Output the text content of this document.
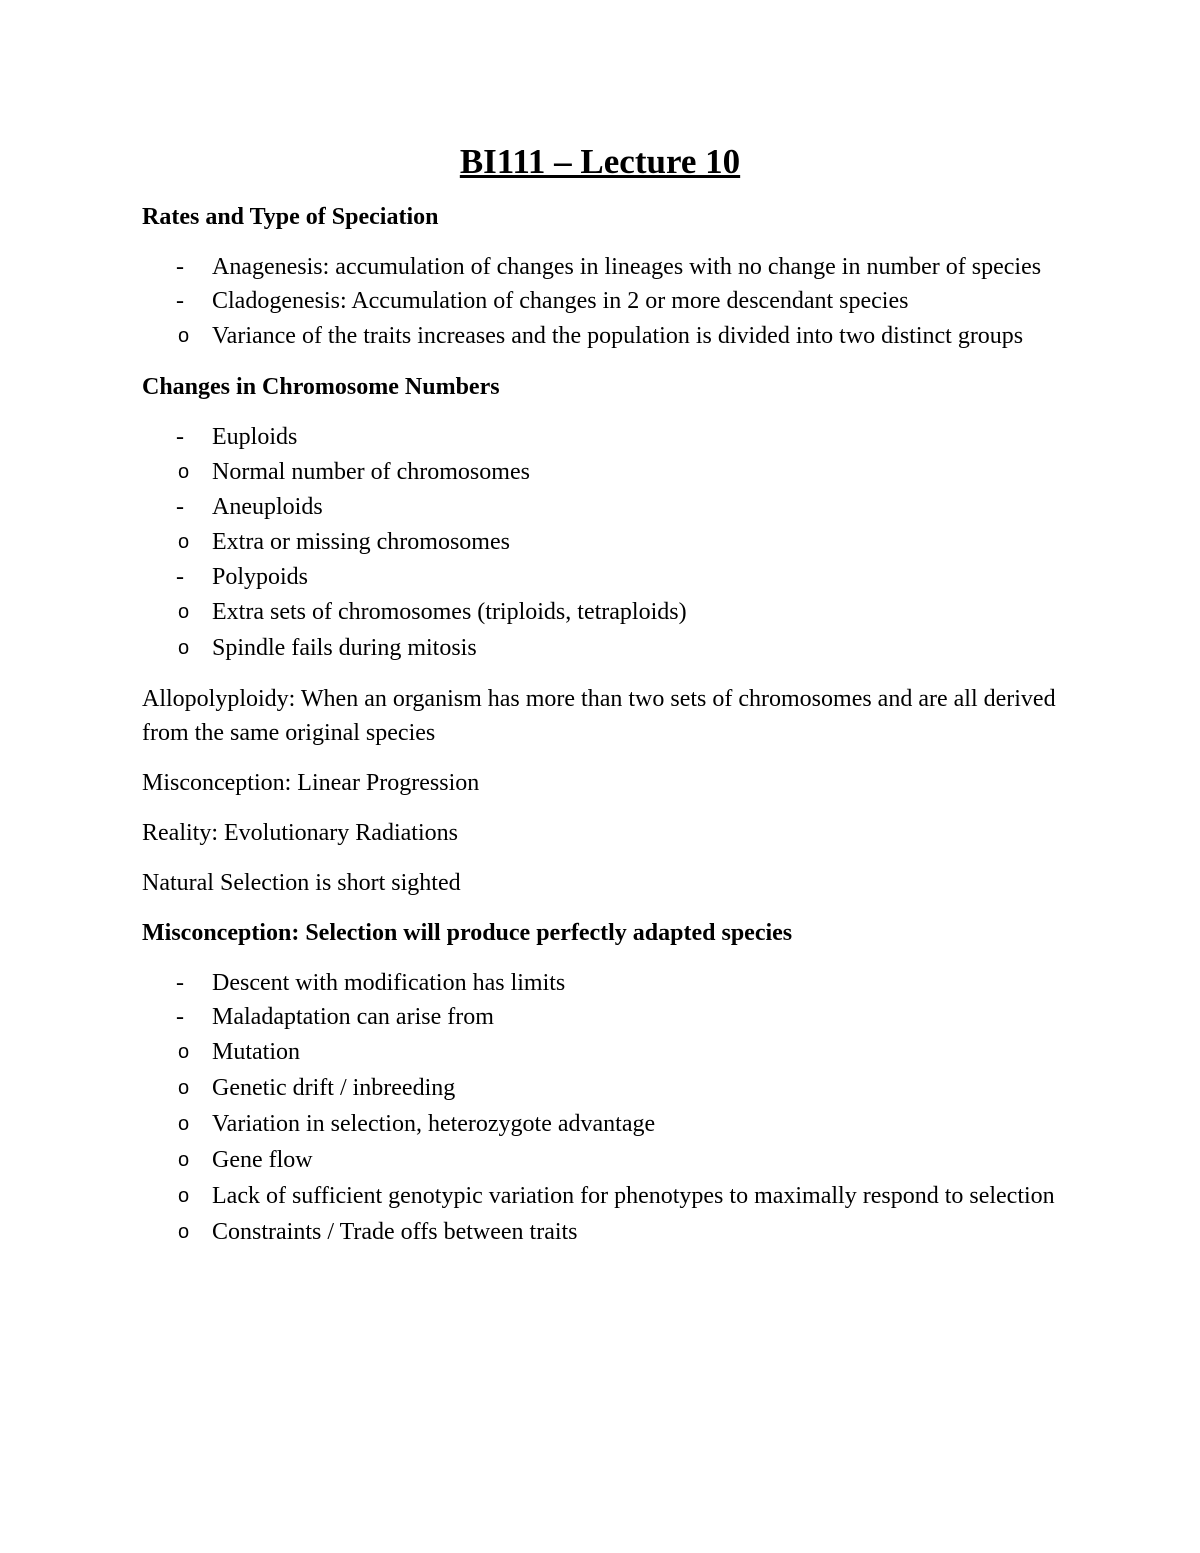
BI111 – Lecture 10
Rates and Type of Speciation
- Anagenesis: accumulation of changes in lineages with no change in number of species
- Cladogenesis: Accumulation of changes in 2 or more descendant species
o Variance of the traits increases and the population is divided into two distinct groups
Changes in Chromosome Numbers
- Euploids
o Normal number of chromosomes
- Aneuploids
o Extra or missing chromosomes
- Polypoids
o Extra sets of chromosomes (triploids, tetraploids)
o Spindle fails during mitosis
Allopolyploidy: When an organism has more than two sets of chromosomes and are all derived from the same original species
Misconception: Linear Progression
Reality: Evolutionary Radiations
Natural Selection is short sighted
Misconception: Selection will produce perfectly adapted species
- Descent with modification has limits
- Maladaptation can arise from
o Mutation
o Genetic drift / inbreeding
o Variation in selection, heterozygote advantage
o Gene flow
o Lack of sufficient genotypic variation for phenotypes to maximally respond to selection
o Constraints / Trade offs between traits
